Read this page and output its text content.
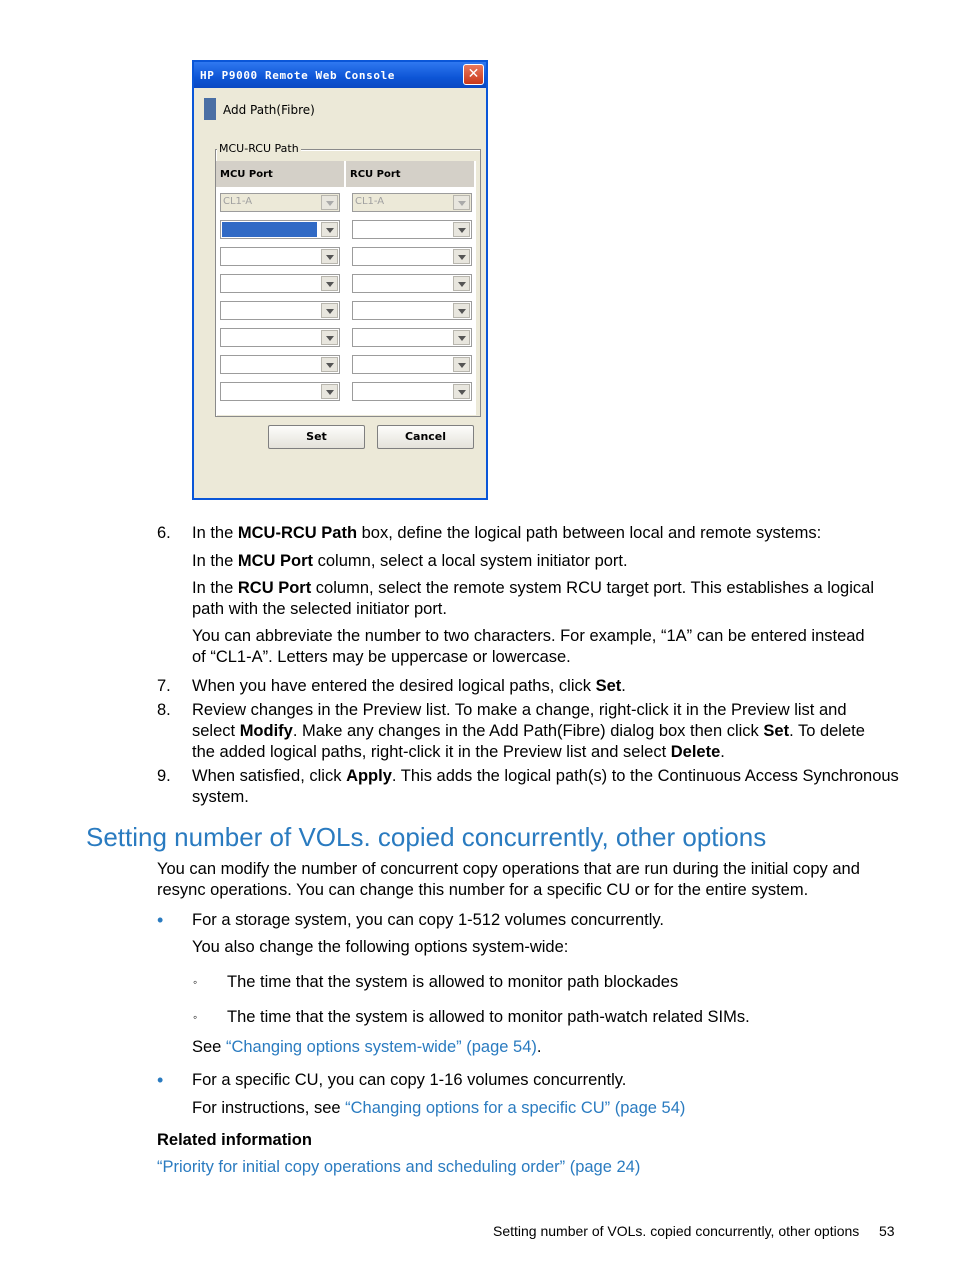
HP P9000 Remote Web Console	✕
Add Path(Fibre)
MCU-RCU Path
MCU Port	RCU Port
CL1-A	CL1-A
Set	Cancel
6. In the MCU-RCU Path box, define the logical path between local and remote systems:
In the MCU Port column, select a local system initiator port.
In the RCU Port column, select the remote system RCU target port. This establishes a logical
path with the selected initiator port.
You can abbreviate the number to two characters. For example, “1A” can be entered instead
of “CL1-A”. Letters may be uppercase or lowercase.
7. When you have entered the desired logical paths, click Set.
8. Review changes in the Preview list. To make a change, right-click it in the Preview list and
select Modify. Make any changes in the Add Path(Fibre) dialog box then click Set. To delete
the added logical paths, right-click it in the Preview list and select Delete.
9. When satisfied, click Apply. This adds the logical path(s) to the Continuous Access Synchronous
system.
Setting number of VOLs. copied concurrently, other options
You can modify the number of concurrent copy operations that are run during the initial copy and
resync operations. You can change this number for a specific CU or for the entire system.
• For a storage system, you can copy 1-512 volumes concurrently.
You also change the following options system-wide:
◦ The time that the system is allowed to monitor path blockades
◦ The time that the system is allowed to monitor path-watch related SIMs.
See “Changing options system-wide” (page 54).
• For a specific CU, you can copy 1-16 volumes concurrently.
For instructions, see “Changing options for a specific CU” (page 54)
Related information
“Priority for initial copy operations and scheduling order” (page 24)
Setting number of VOLs. copied concurrently, other options 53
